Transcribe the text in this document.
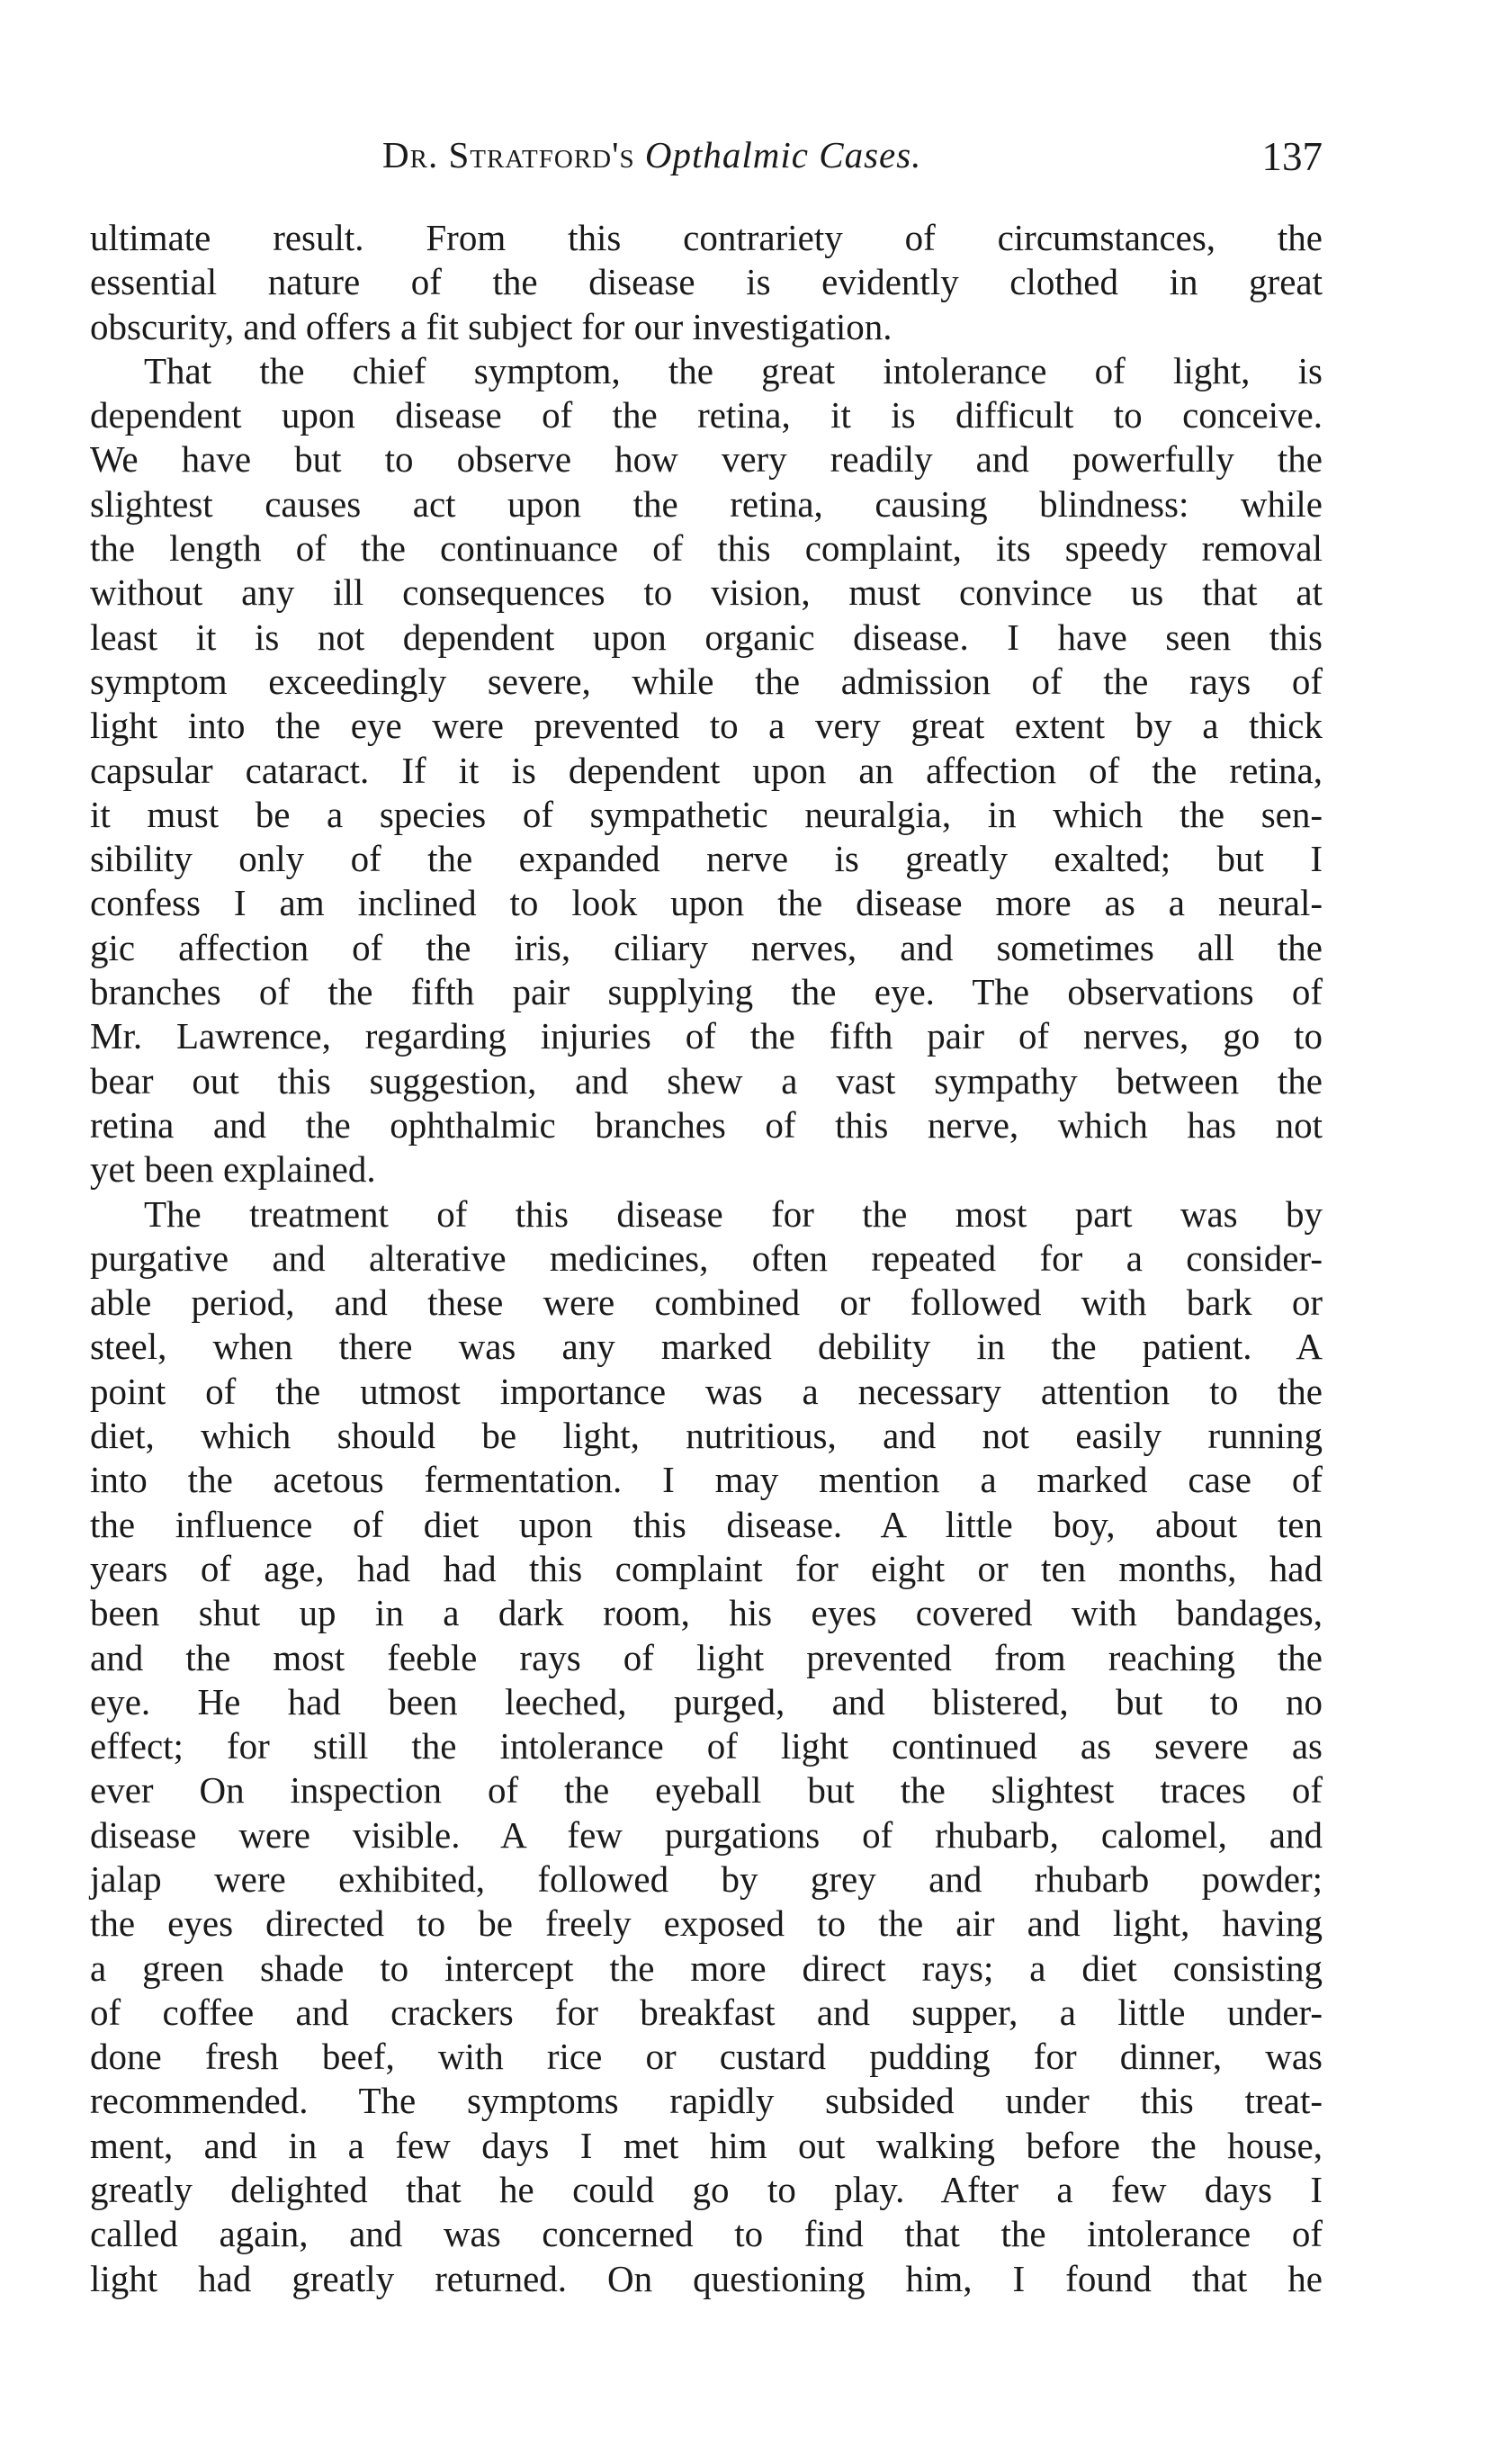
Dr. Stratford's Opthalmic Cases.	137
ultimate result. From this contrariety of circumstances, the
essential nature of the disease is evidently clothed in great
obscurity, and offers a fit subject for our investigation.
That the chief symptom, the great intolerance of light, is
dependent upon disease of the retina, it is difficult to conceive.
We have but to observe how very readily and powerfully the
slightest causes act upon the retina, causing blindness: while
the length of the continuance of this complaint, its speedy removal
without any ill consequences to vision, must convince us that at
least it is not dependent upon organic disease. I have seen this
symptom exceedingly severe, while the admission of the rays of
light into the eye were prevented to a very great extent by a thick
capsular cataract. If it is dependent upon an affection of the retina,
it must be a species of sympathetic neuralgia, in which the sen-
sibility only of the expanded nerve is greatly exalted; but I
confess I am inclined to look upon the disease more as a neural-
gic affection of the iris, ciliary nerves, and sometimes all the
branches of the fifth pair supplying the eye. The observations of
Mr. Lawrence, regarding injuries of the fifth pair of nerves, go to
bear out this suggestion, and shew a vast sympathy between the
retina and the ophthalmic branches of this nerve, which has not
yet been explained.
The treatment of this disease for the most part was by
purgative and alterative medicines, often repeated for a consider-
able period, and these were combined or followed with bark or
steel, when there was any marked debility in the patient. A
point of the utmost importance was a necessary attention to the
diet, which should be light, nutritious, and not easily running
into the acetous fermentation. I may mention a marked case of
the influence of diet upon this disease. A little boy, about ten
years of age, had had this complaint for eight or ten months, had
been shut up in a dark room, his eyes covered with bandages,
and the most feeble rays of light prevented from reaching the
eye. He had been leeched, purged, and blistered, but to no
effect; for still the intolerance of light continued as severe as
ever On inspection of the eyeball but the slightest traces of
disease were visible. A few purgations of rhubarb, calomel, and
jalap were exhibited, followed by grey and rhubarb powder;
the eyes directed to be freely exposed to the air and light, having
a green shade to intercept the more direct rays; a diet consisting
of coffee and crackers for breakfast and supper, a little under-
done fresh beef, with rice or custard pudding for dinner, was
recommended. The symptoms rapidly subsided under this treat-
ment, and in a few days I met him out walking before the house,
greatly delighted that he could go to play. After a few days I
called again, and was concerned to find that the intolerance of
light had greatly returned. On questioning him, I found that he
